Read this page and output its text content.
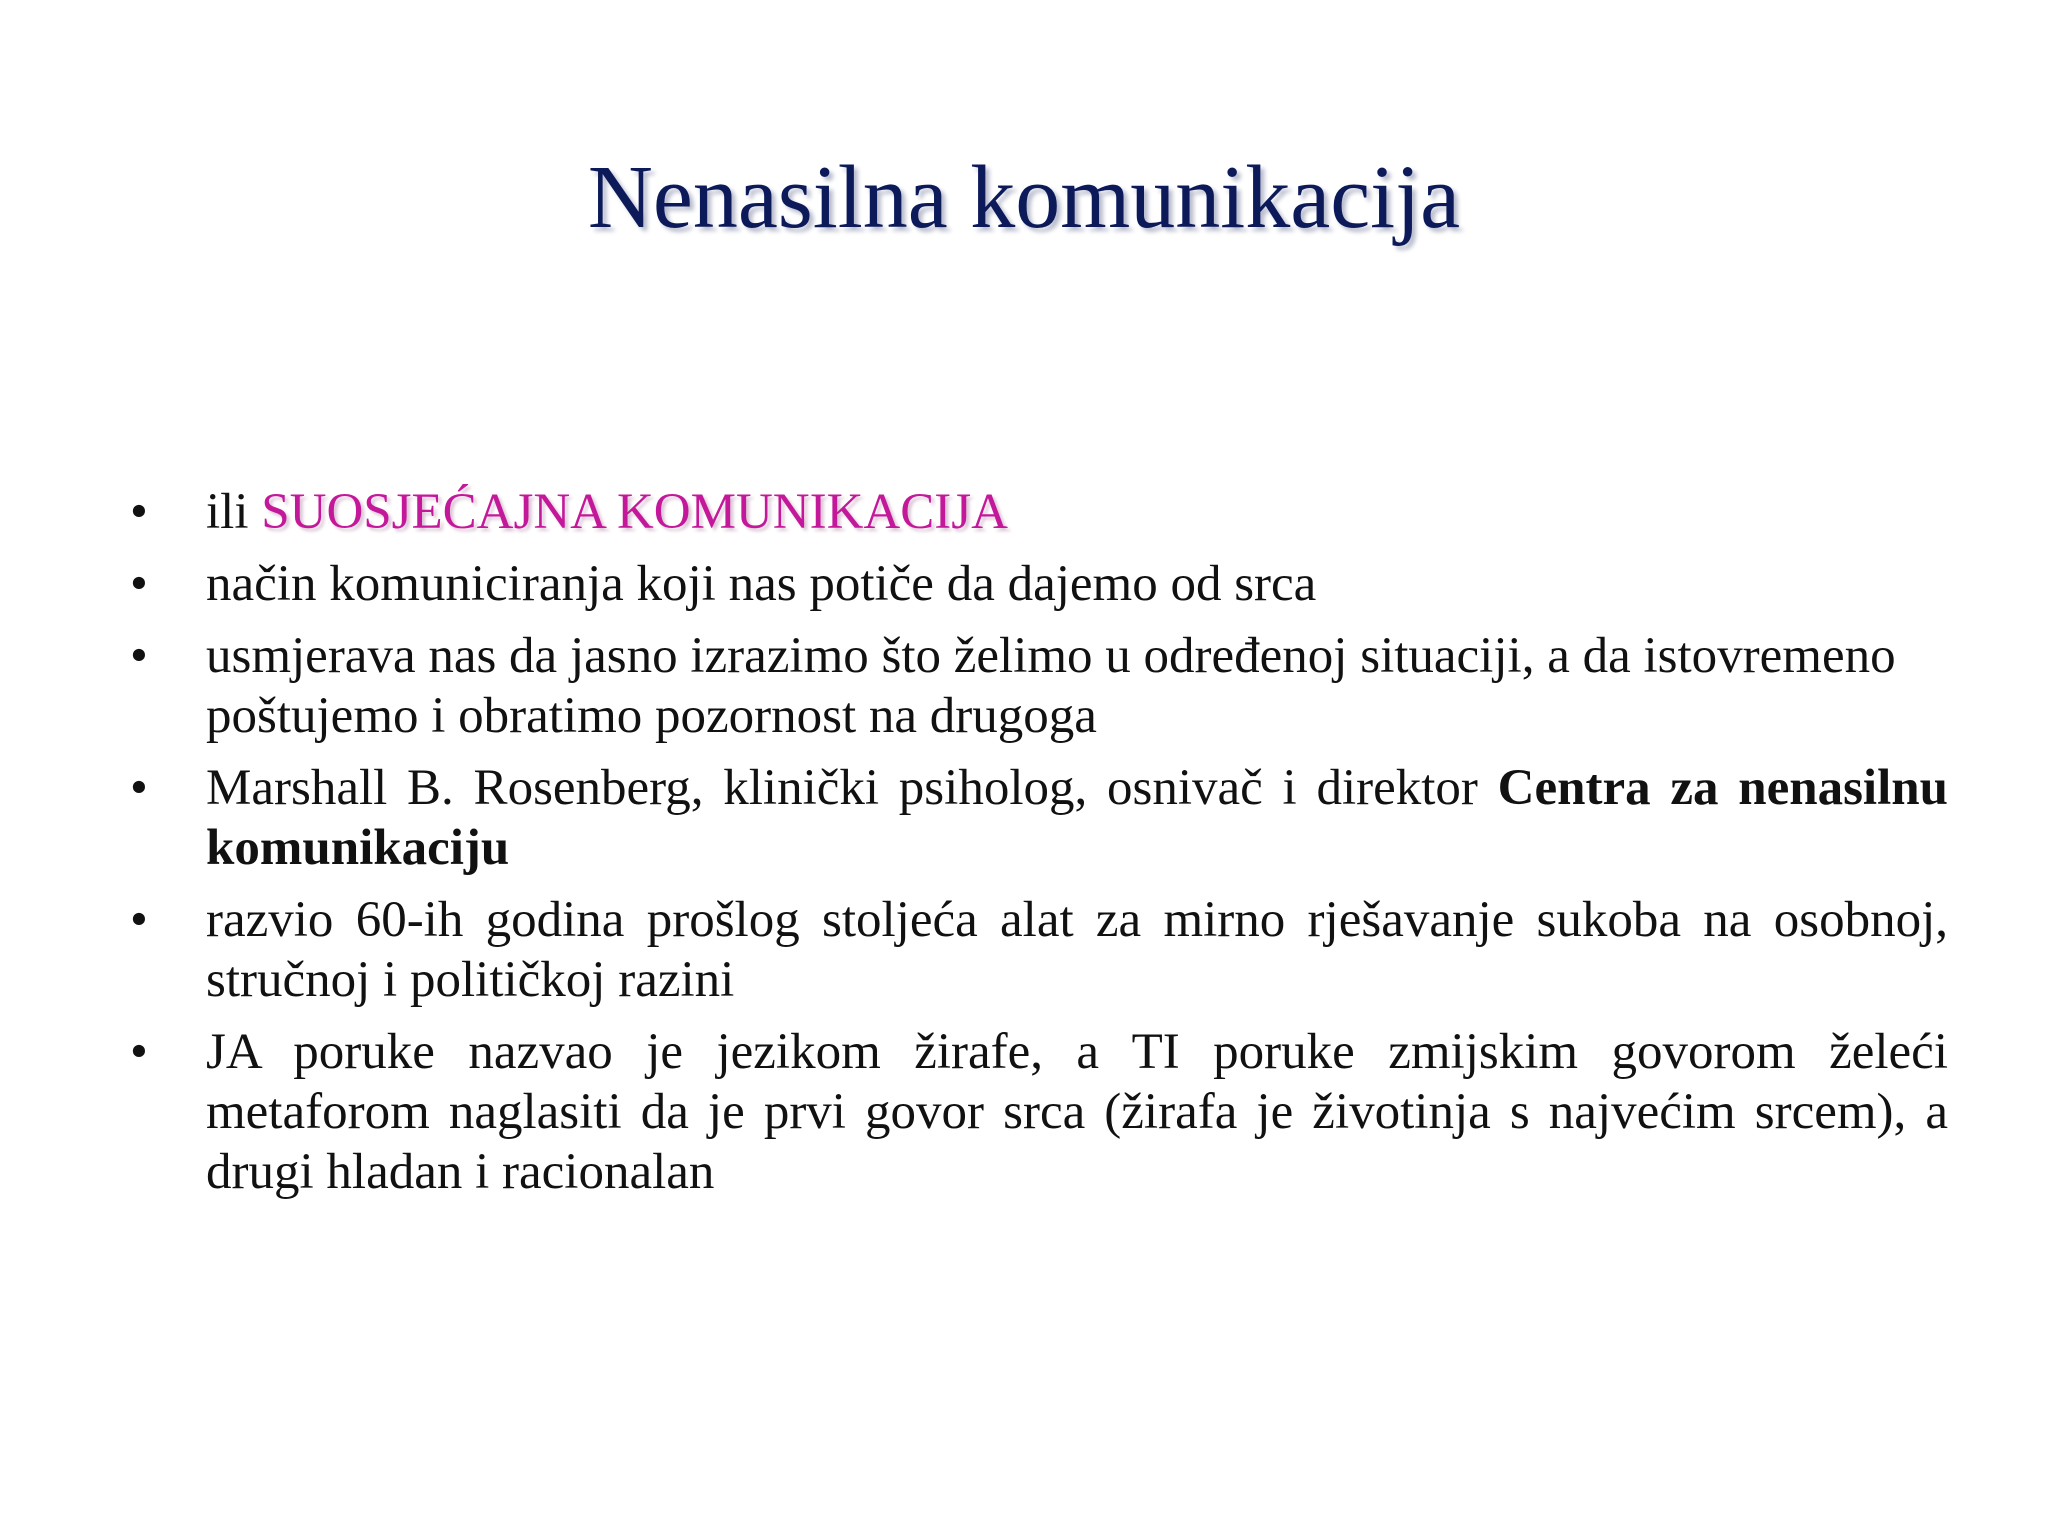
Nenasilna komunikacija
•	ili SUOSJEĆAJNA KOMUNIKACIJA
•	način komuniciranja koji nas potiče da dajemo od srca
•	usmjerava nas da jasno izrazimo što želimo u određenoj situaciji, a da istovremeno poštujemo i obratimo pozornost na drugoga
•	Marshall B. Rosenberg, klinički psiholog, osnivač i direktor Centra za nenasilnu komunikaciju
•	razvio 60-ih godina prošlog stoljeća alat za mirno rješavanje sukoba na osobnoj, stručnoj i političkoj razini
•	JA poruke nazvao je jezikom žirafe, a TI poruke zmijskim govorom želeći metaforom naglasiti da je prvi govor srca (žirafa je životinja s najvećim srcem), a drugi hladan i racionalan
